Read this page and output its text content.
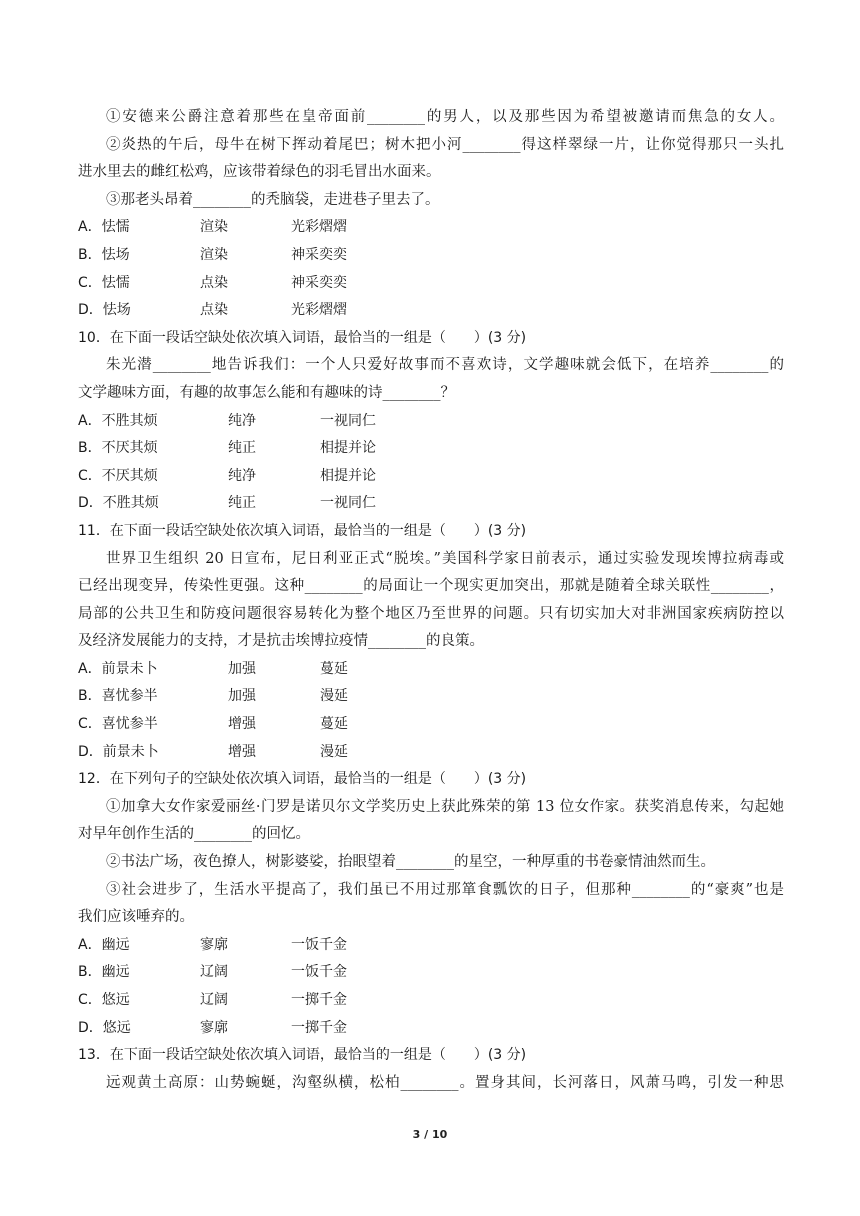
①安德来公爵注意着那些在皇帝面前________的男人，以及那些因为希望被邀请而焦急的女人。
②炎热的午后，母牛在树下挥动着尾巴；树木把小河________得这样翠绿一片，让你觉得那只一头扎
进水里去的雌红松鸡，应该带着绿色的羽毛冒出水面来。
③那老头昂着________的秃脑袋，走进巷子里去了。
A．怯懦	渲染	光彩熠熠
B．怯场	渲染	神采奕奕
C．怯懦	点染	神采奕奕
D．怯场	点染	光彩熠熠
10．在下面一段话空缺处依次填入词语，最恰当的一组是（　　）(3 分)
朱光潜________地告诉我们：一个人只爱好故事而不喜欢诗，文学趣味就会低下，在培养________的
文学趣味方面，有趣的故事怎么能和有趣味的诗________？
A．不胜其烦	纯净	一视同仁
B．不厌其烦	纯正	相提并论
C．不厌其烦	纯净	相提并论
D．不胜其烦	纯正	一视同仁
11．在下面一段话空缺处依次填入词语，最恰当的一组是（　　）(3 分)
世界卫生组织 20 日宣布，尼日利亚正式“脱埃。”美国科学家日前表示，通过实验发现埃博拉病毒或
已经出现变异，传染性更强。这种________的局面让一个现实更加突出，那就是随着全球关联性________，
局部的公共卫生和防疫问题很容易转化为整个地区乃至世界的问题。只有切实加大对非洲国家疾病防控以
及经济发展能力的支持，才是抗击埃博拉疫情________的良策。
A．前景未卜	加强	蔓延
B．喜忧参半	加强	漫延
C．喜忧参半	增强	蔓延
D．前景未卜	增强	漫延
12．在下列句子的空缺处依次填入词语，最恰当的一组是（　　）(3 分)
①加拿大女作家爱丽丝·门罗是诺贝尔文学奖历史上获此殊荣的第 13 位女作家。获奖消息传来，勾起她
对早年创作生活的________的回忆。
②书法广场，夜色撩人，树影婆娑，抬眼望着________的星空，一种厚重的书卷豪情油然而生。
③社会进步了，生活水平提高了，我们虽已不用过那箪食瓢饮的日子，但那种________的“豪爽”也是
我们应该唾弃的。
A．幽远	寥廓	一饭千金
B．幽远	辽阔	一饭千金
C．悠远	辽阔	一掷千金
D．悠远	寥廓	一掷千金
13．在下面一段话空缺处依次填入词语，最恰当的一组是（　　）(3 分)
远观黄土高原：山势蜿蜒，沟壑纵横，松柏________。置身其间，长河落日，风萧马鸣，引发一种思
3 / 10
